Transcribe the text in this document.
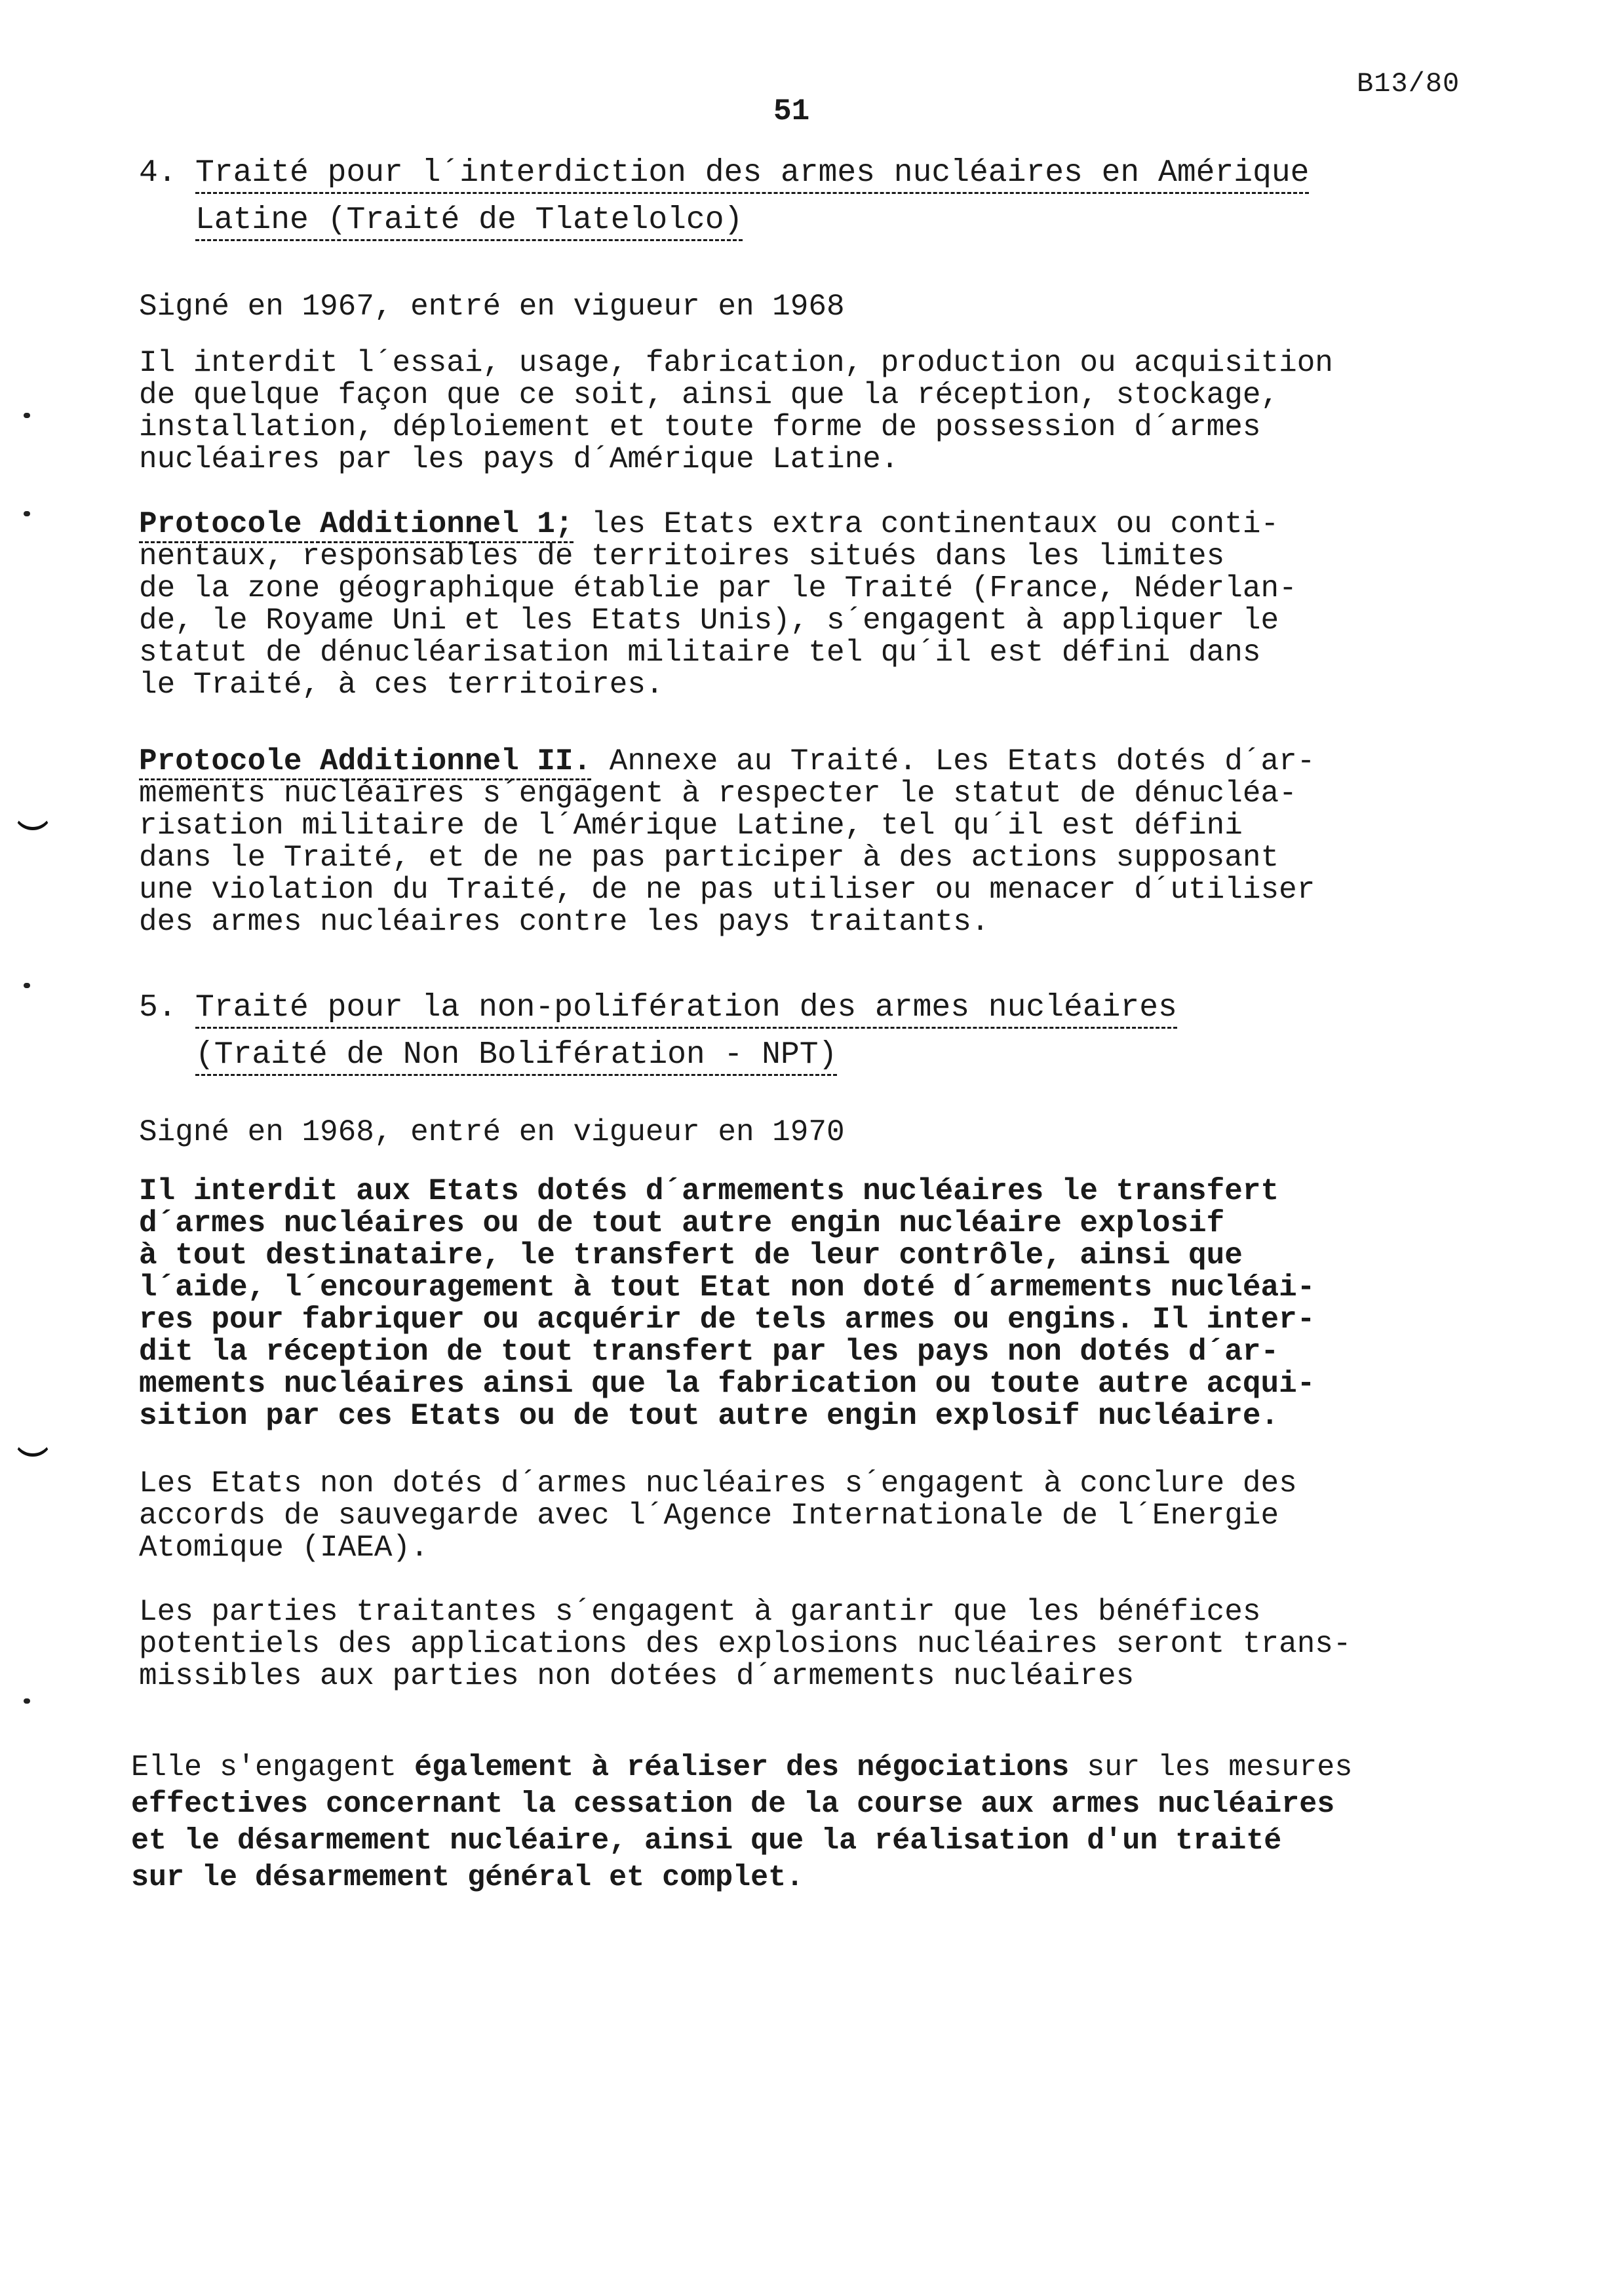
B13/80
51
4. Traité pour l´interdiction des armes nucléaires en Amérique
Latine (Traité de Tlatelolco)
Signé en 1967, entré en vigueur en 1968
Il interdit l´essai, usage, fabrication, production ou acquisition
de quelque façon que ce soit, ainsi que la réception, stockage,
installation, déploiement et toute forme de possession d´armes
nucléaires par les pays d´Amérique Latine.
Protocole Additionnel 1; les Etats extra continentaux ou conti-
nentaux, responsables de territoires situés dans les limites
de la zone géographique établie par le Traité (France, Néderlan-
de, le Royame Uni et les Etats Unis), s´engagent à appliquer le
statut de dénucléarisation militaire tel qu´il est défini dans
le Traité, à ces territoires.
Protocole Additionnel II. Annexe au Traité. Les Etats dotés d´ar-
mements nucléaires s´engagent à respecter le statut de dénucléa-
risation militaire de l´Amérique Latine, tel qu´il est défini
dans le Traité, et de ne pas participer à des actions supposant
une violation du Traité, de ne pas utiliser ou menacer d´utiliser
des armes nucléaires contre les pays traitants.
5. Traité pour la non-polifération des armes nucléaires
(Traité de Non Bolifération - NPT)
Signé en 1968, entré en vigueur en 1970
Il interdit aux Etats dotés d´armements nucléaires le transfert
d´armes nucléaires ou de tout autre engin nucléaire explosif
à tout destinataire, le transfert de leur contrôle, ainsi que
l´aide, l´encouragement à tout Etat non doté d´armements nucléai-
res pour fabriquer ou acquérir de tels armes ou engins. Il inter-
dit la réception de tout transfert par les pays non dotés d´ar-
mements nucléaires ainsi que la fabrication ou toute autre acqui-
sition par ces Etats ou de tout autre engin explosif nucléaire.
Les Etats non dotés d´armes nucléaires s´engagent à conclure des
accords de sauvegarde avec l´Agence Internationale de l´Energie
Atomique (IAEA).
Les parties traitantes s´engagent à garantir que les bénéfices
potentiels des applications des explosions nucléaires seront trans-
missibles aux parties non dotées d´armements nucléaires
Elle s'engagent également à réaliser des négociations sur les mesures
effectives concernant la cessation de la course aux armes nucléaires
et le désarmement nucléaire, ainsi que la réalisation d'un traité
sur le désarmement général et complet.
